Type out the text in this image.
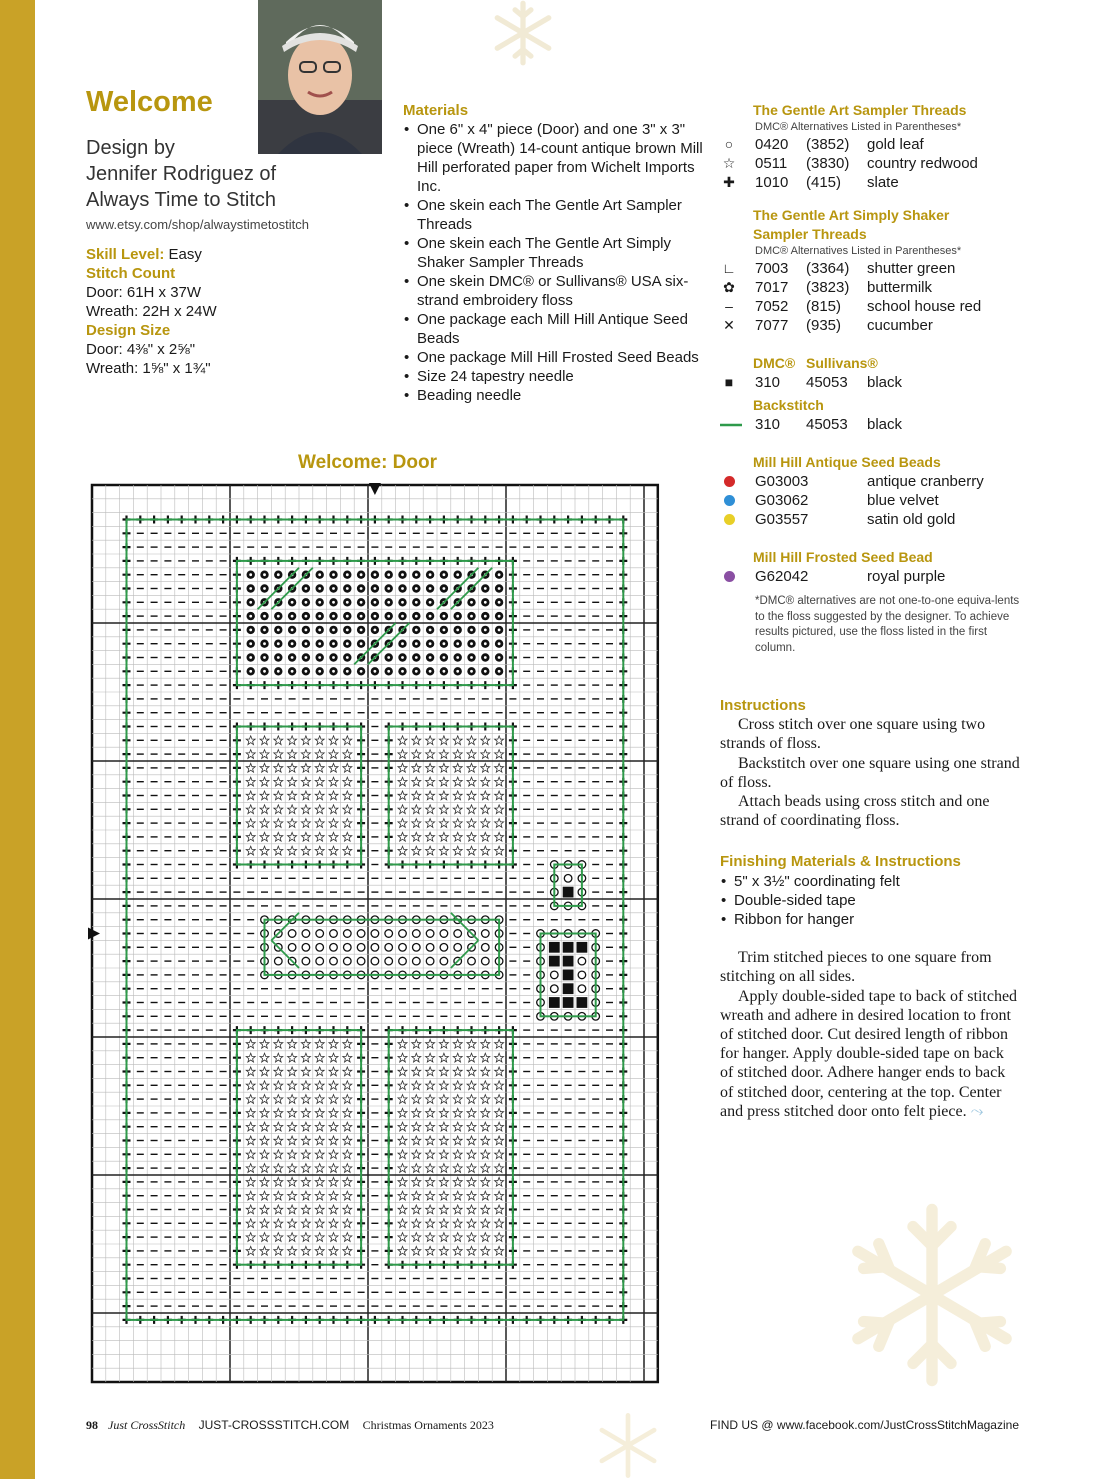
Welcome
Design by
Jennifer Rodriguez of
Always Time to Stitch
www.etsy.com/shop/alwaystimetostitch
Skill Level: Easy
Stitch Count
Door: 61H x 37W
Wreath: 22H x 24W
Design Size
Door: 4⅜" x 2⅝"
Wreath: 1⅝" x 1¾"
Materials
• One 6" x 4" piece (Door) and one 3" x 3" piece (Wreath) 14-count antique brown Mill Hill perforated paper from Wichelt Imports Inc.
• One skein each The Gentle Art Sampler Threads
• One skein each The Gentle Art Simply Shaker Sampler Threads
• One skein DMC® or Sullivans® USA six-strand embroidery floss
• One package each Mill Hill Antique Seed Beads
• One package Mill Hill Frosted Seed Beads
• Size 24 tapestry needle
• Beading needle
The Gentle Art Sampler Threads
DMC® Alternatives Listed in Parentheses*
○	0420 (3852) gold leaf
☆ 0511 (3830) country redwood
✚ 1010 (415) slate
The Gentle Art Simply Shaker
Sampler Threads
DMC® Alternatives Listed in Parentheses*
∟ 7003 (3364) shutter green
✿ 7017 (3823) buttermilk
–	7052 (815) school house red
✕ 7077 (935) cucumber
DMC® Sullivans®
■	310 45053 black
Backstitch
310 45053 black
Mill Hill Antique Seed Beads
G03003	antique cranberry
G03062	blue velvet
G03557	satin old gold
Mill Hill Frosted Seed Bead
G62042	royal purple
*DMC® alternatives are not one-to-one equiva-lents to the floss suggested by the designer. To achieve results pictured, use the floss listed in the first column.
Instructions

Cross stitch over one square using two strands of floss.

Backstitch over one square using one strand of floss.

Attach beads using cross stitch and one strand of coordinating floss.

Finishing Materials & Instructions
• 5" x 3½" coordinating felt
• Double-sided tape
• Ribbon for hanger

Trim stitched pieces to one square from stitching on all sides.

Apply double-sided tape to back of stitched wreath and adhere in desired location to front of stitched door. Cut desired length of ribbon for hanger. Apply double-sided tape on back of stitched door. Adhere hanger ends to back of stitched door, centering at the top. Center and press stitched door onto felt piece. ⤳

Welcome: Door
98 Just CrossStitch JUST-CROSSSTITCH.COM Christmas Ornaments 2023	FIND US @ www.facebook.com/JustCrossStitchMagazine
